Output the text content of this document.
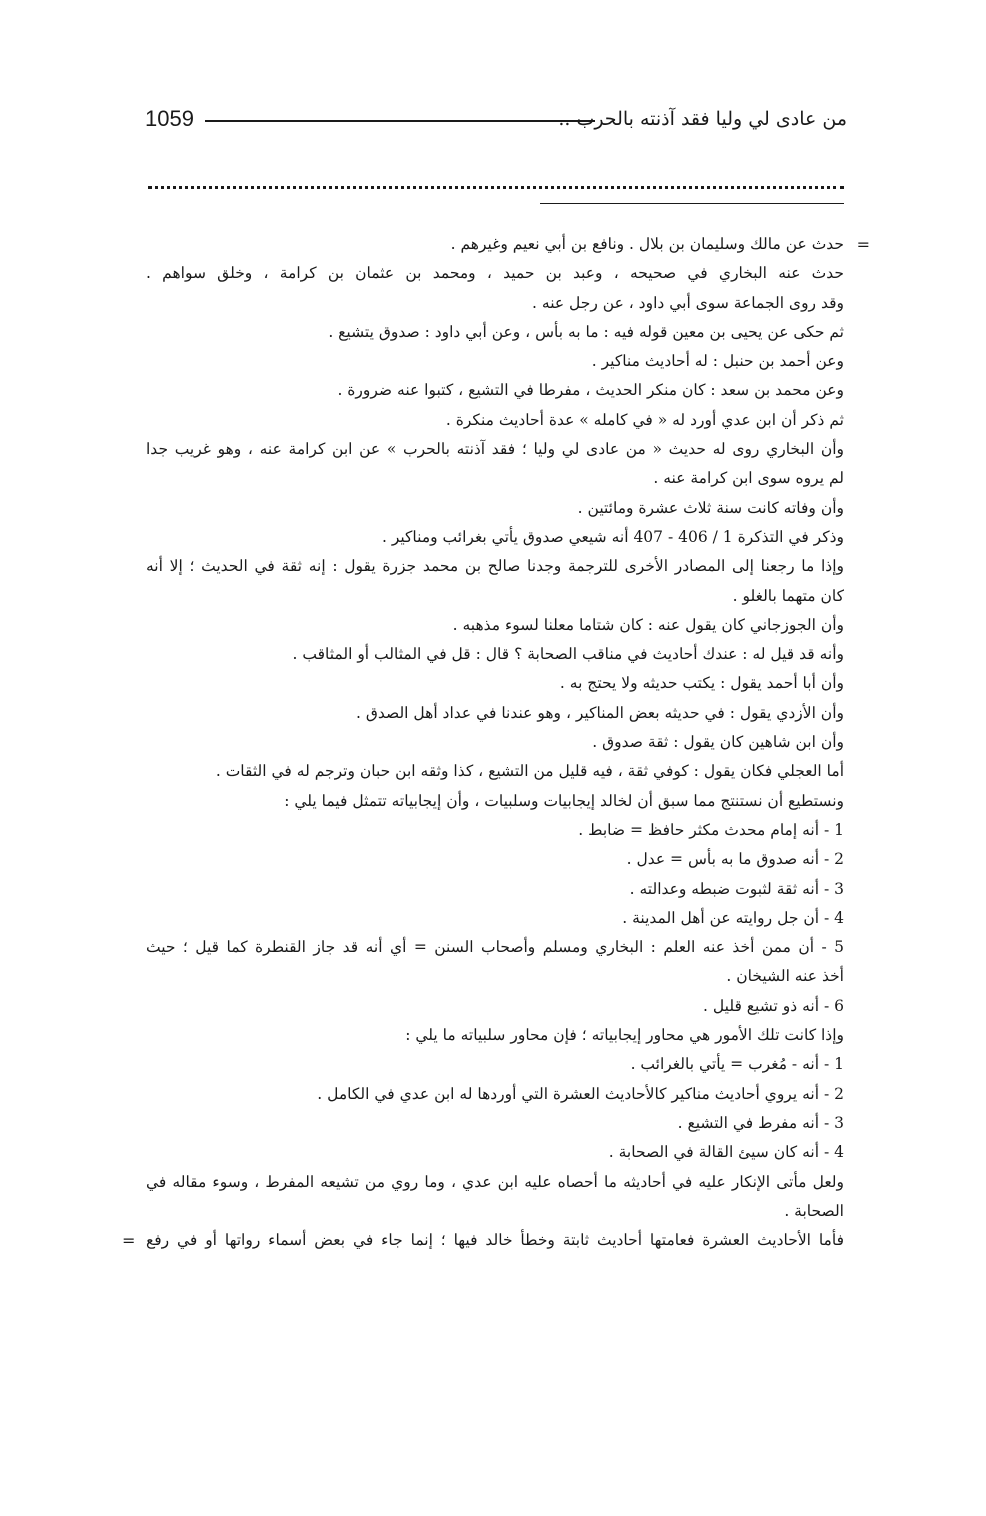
1059	من عادى لي وليا فقد آذنته بالحرب ..
=
حدث عن مالك وسليمان بن بلال . ونافع بن أبي نعيم وغيرهم .
حدث عنه البخاري في صحيحه ، وعبد بن حميد ، ومحمد بن عثمان بن كرامة ، وخلق سواهم .
وقد روى الجماعة سوى أبي داود ، عن رجل عنه .
ثم حكى عن يحيى بن معين قوله فيه : ما به بأس ، وعن أبي داود : صدوق يتشيع .
وعن أحمد بن حنبل : له أحاديث مناكير .
وعن محمد بن سعد : كان منكر الحديث ، مفرطا في التشيع ، كتبوا عنه ضرورة .
ثم ذكر أن ابن عدي أورد له « في كامله » عدة أحاديث منكرة .
وأن البخاري روى له حديث « من عادى لي وليا ؛ فقد آذنته بالحرب » عن ابن كرامة عنه ، وهو غريب جدا
لم يروه سوى ابن كرامة عنه .
وأن وفاته كانت سنة ثلاث عشرة ومائتين .
وذكر في التذكرة 1 / 406 - 407 أنه شيعي صدوق يأتي بغرائب ومناكير .
وإذا ما رجعنا إلى المصادر الأخرى للترجمة وجدنا صالح بن محمد جزرة يقول : إنه ثقة في الحديث ؛ إلا أنه
كان متهما بالغلو .
وأن الجوزجاني كان يقول عنه : كان شتاما معلنا لسوء مذهبه .
وأنه قد قيل له : عندك أحاديث في مناقب الصحابة ؟ قال : قل في المثالب أو المثاقب .
وأن أبا أحمد يقول : يكتب حديثه ولا يحتج به .
وأن الأزدي يقول : في حديثه بعض المناكير ، وهو عندنا في عداد أهل الصدق .
وأن ابن شاهين كان يقول : ثقة صدوق .
أما العجلي فكان يقول : كوفي ثقة ، فيه قليل من التشيع ، كذا وثقه ابن حبان وترجم له في الثقات .
ونستطيع أن نستنتج مما سبق أن لخالد إيجابيات وسلبيات ، وأن إيجابياته تتمثل فيما يلي :
1 - أنه إمام محدث مكثر حافظ = ضابط .
2 - أنه صدوق ما به بأس = عدل .
3 - أنه ثقة لثبوت ضبطه وعدالته .
4 - أن جل روايته عن أهل المدينة .
5 - أن ممن أخذ عنه العلم : البخاري ومسلم وأصحاب السنن = أي أنه قد جاز القنطرة كما قيل ؛ حيث
أخذ عنه الشيخان .
6 - أنه ذو تشيع قليل .
وإذا كانت تلك الأمور هي محاور إيجابياته ؛ فإن محاور سلبياته ما يلي :
1 - أنه - مُغرب = يأتي بالغرائب .
2 - أنه يروي أحاديث مناكير كالأحاديث العشرة التي أوردها له ابن عدي في الكامل .
3 - أنه مفرط في التشيع .
4 - أنه كان سيئ القالة في الصحابة .
ولعل مأتى الإنكار عليه في أحاديثه ما أحصاه عليه ابن عدي ، وما روي من تشيعه المفرط ، وسوء مقاله في
الصحابة .
فأما الأحاديث العشرة فعامتها أحاديث ثابتة وخطأ خالد فيها ؛ إنما جاء في بعض أسماء رواتها أو في رفع
=
